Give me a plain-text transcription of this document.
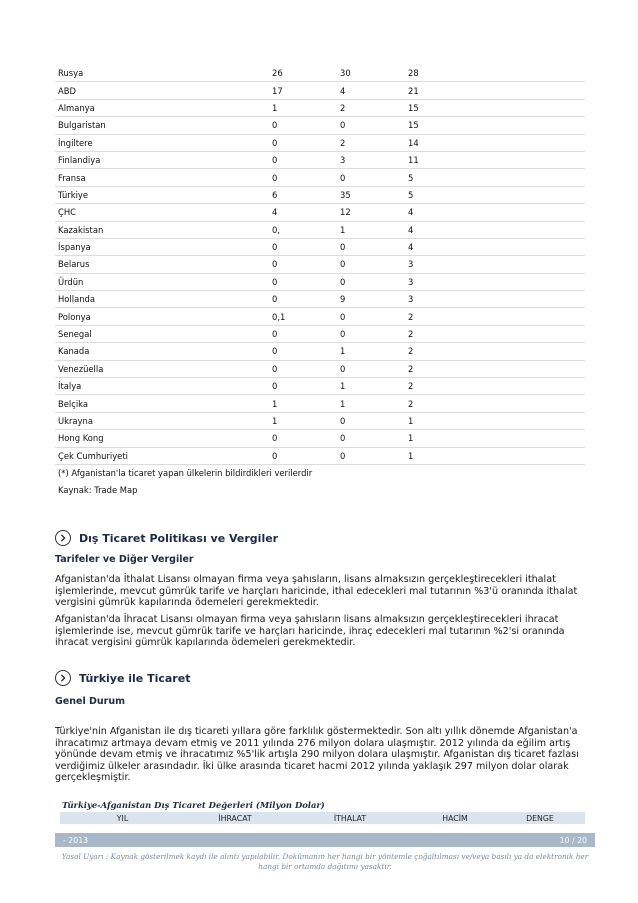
Rusya	26	30	28
ABD	17	4	21
Almanya	1	2	15
Bulgaristan	0	0	15
İngiltere	0	2	14
Finlandiya	0	3	11
Fransa	0	0	5
Türkiye	6	35	5
ÇHC	4	12	4
Kazakistan	0,	1	4
İspanya	0	0	4
Belarus	0	0	3
Ürdün	0	0	3
Hollanda	0	9	3
Polonya	0,1	0	2
Senegal	0	0	2
Kanada	0	1	2
Venezüella	0	0	2
İtalya	0	1	2
Belçika	1	1	2
Ukrayna	1	0	1
Hong Kong	0	0	1
Çek Cumhuriyeti	0	0	1
(*) Afganistan'la ticaret yapan ülkelerin bildirdikleri verilerdir			
Kaynak: Trade Map			
Dış Ticaret Politikası ve Vergiler
Tarifeler ve Diğer Vergiler

Afganistan'da İthalat Lisansı olmayan firma veya şahısların, lisans almaksızın gerçekleştirecekleri ithalat işlemlerinde, mevcut gümrük tarife ve harçları haricinde, ithal edecekleri mal tutarının %3'ü oranında ithalat vergisini gümrük kapılarında ödemeleri gerekmektedir.

Afganistan'da İhracat Lisansı olmayan firma veya şahısların lisans almaksızın gerçekleştirecekleri ihracat işlemlerinde ise, mevcut gümrük tarife ve harçları haricinde, ihraç edecekleri mal tutarının %2'si oranında ihracat vergisini gümrük kapılarında ödemeleri gerekmektedir.

Türkiye ile Ticaret
Genel Durum

Türkiye'nin Afganistan ile dış ticareti yıllara göre farklılık göstermektedir. Son altı yıllık dönemde Afganistan'a ihracatımız artmaya devam etmiş ve 2011 yılında 276 milyon dolara ulaşmıştır. 2012 yılında da eğilim artış yönünde devam etmiş ve ihracatımız %5'lik artışla 290 milyon dolara ulaşmıştır. Afganistan dış ticaret fazlası verdiğimiz ülkeler arasındadır. İki ülke arasında ticaret hacmi 2012 yılında yaklaşık 297 milyon dolar olarak gerçekleşmiştir.

Türkiye-Afganistan Dış Ticaret Değerleri (Milyon Dolar)
YIL	İHRACAT	İTHALAT	HACİM	DENGE
- 2013	10 / 20
Yasal Uyarı : Kaynak gösterilmek kaydı ile alıntı yapılabilir. Dokümanın her hangi bir yöntemle çoğaltılması ve/veya basılı ya da elektronik her hangi bir ortamda dağıtımı yasaktır.
